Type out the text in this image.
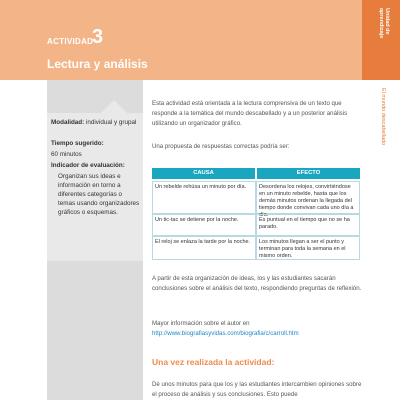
ACTIVIDAD
3
Lectura y análisis
Unidad de
aprendizaje
El mundo descabellado
Modalidad: individual y grupal
Tiempo sugerido:
60 minutos
Indicador de evaluación:
Organizan sus ideas e información en torno a diferentes categorías o temas usando organizadores gráficos o esquemas.
Esta actividad está orientada a la lectura comprensiva de un texto que responde a la temática del mundo descabellado y a un posterior análisis utilizando un organizador gráfico.
Una propuesta de respuestas correctas podría ser:
CAUSA	EFECTO
Un rebelde rehúsa un minuto por día.	Desordena los relojes, convirtiéndose en un minuto rebelde, hasta que los demás minutos ordenan la llegada del tiempo donde convivan cada uno día a día.
Un tic-tac se detiene por la noche.	Es puntual en el tiempo que no se ha parado.
El reloj se enlaza la tarde por la noche.	Los minutos llegan a ser el punto y terminan para toda la semana en el mismo orden.
A partir de esta organización de ideas, los y las estudiantes sacarán conclusiones sobre el análisis del texto, respondiendo preguntas de reflexión.
Mayor información sobre el autor en http://www.biografiasyvidas.com/biografia/c/carroll.htm
Una vez realizada la actividad:
Dé unos minutos para que los y las estudiantes intercambien opiniones sobre el proceso de análisis y sus conclusiones. Esto puede
